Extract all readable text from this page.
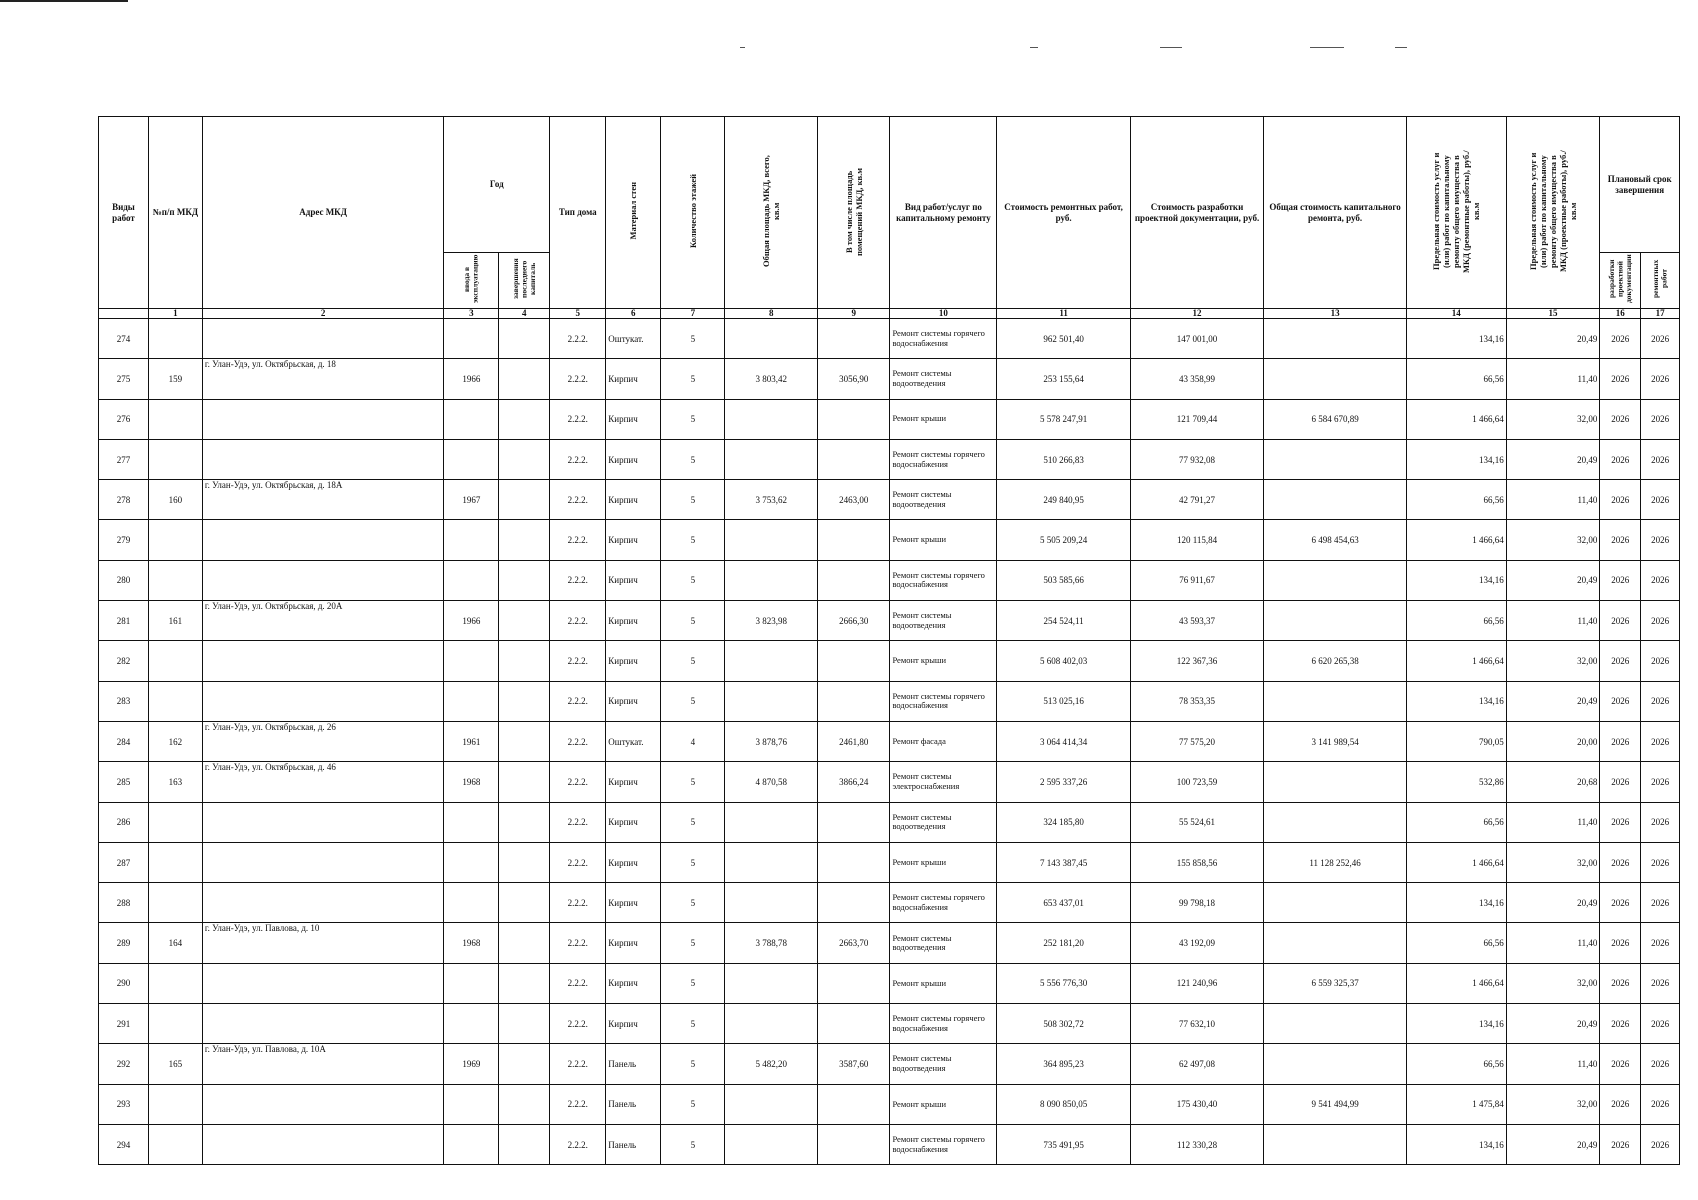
Виды работ	№п/п МКД	Адрес МКД	Год		Тип дома	Материал стен	Количество этажей	Общая площадь МКД, всего, кв.м	В том числе площадь помещений МКД, кв.м	Вид работ/услуг по капитальному ремонту	Стоимость ремонтных работ, руб.	Стоимость разработки проектной документации, руб.	Общая стоимость капитального ремонта, руб.	Предельная стоимость услуг и (или) работ по капитальному ремонту общего имущества в МКД (ремонтные работы), руб./кв.м	Предельная стоимость услуг и (или) работ по капитальному ремонту общего имущества в МКД (проектные работы), руб./кв.м	Плановый срок завершения	
			ввода в эксплуатацию	завершения последнего капиталь												разработки проектной документации	ремонтных работ
	1	2	3	4	5	6	7	8	9	10	11	12	13	14	15	16	17
274					2.2.2.	Оштукат.	5			Ремонт системы горячего водоснабжения	962 501,40	147 001,00		134,16	20,49	2026	2026
275	159	г. Улан-Удэ, ул. Октябрьская, д. 18	1966		2.2.2.	Кирпич	5	3 803,42	3056,90	Ремонт системы водоотведения	253 155,64	43 358,99		66,56	11,40	2026	2026
276					2.2.2.	Кирпич	5			Ремонт крыши	5 578 247,91	121 709,44	6 584 670,89	1 466,64	32,00	2026	2026
277					2.2.2.	Кирпич	5			Ремонт системы горячего водоснабжения	510 266,83	77 932,08		134,16	20,49	2026	2026
278	160	г. Улан-Удэ, ул. Октябрьская, д. 18А	1967		2.2.2.	Кирпич	5	3 753,62	2463,00	Ремонт системы водоотведения	249 840,95	42 791,27		66,56	11,40	2026	2026
279					2.2.2.	Кирпич	5			Ремонт крыши	5 505 209,24	120 115,84	6 498 454,63	1 466,64	32,00	2026	2026
280					2.2.2.	Кирпич	5			Ремонт системы горячего водоснабжения	503 585,66	76 911,67		134,16	20,49	2026	2026
281	161	г. Улан-Удэ, ул. Октябрьская, д. 20А	1966		2.2.2.	Кирпич	5	3 823,98	2666,30	Ремонт системы водоотведения	254 524,11	43 593,37		66,56	11,40	2026	2026
282					2.2.2.	Кирпич	5			Ремонт крыши	5 608 402,03	122 367,36	6 620 265,38	1 466,64	32,00	2026	2026
283					2.2.2.	Кирпич	5			Ремонт системы горячего водоснабжения	513 025,16	78 353,35		134,16	20,49	2026	2026
284	162	г. Улан-Удэ, ул. Октябрьская, д. 26	1961		2.2.2.	Оштукат.	4	3 878,76	2461,80	Ремонт фасада	3 064 414,34	77 575,20	3 141 989,54	790,05	20,00	2026	2026
285	163	г. Улан-Удэ, ул. Октябрьская, д. 46	1968		2.2.2.	Кирпич	5	4 870,58	3866,24	Ремонт системы электроснабжения	2 595 337,26	100 723,59		532,86	20,68	2026	2026
286					2.2.2.	Кирпич	5			Ремонт системы водоотведения	324 185,80	55 524,61		66,56	11,40	2026	2026
287					2.2.2.	Кирпич	5			Ремонт крыши	7 143 387,45	155 858,56	11 128 252,46	1 466,64	32,00	2026	2026
288					2.2.2.	Кирпич	5			Ремонт системы горячего водоснабжения	653 437,01	99 798,18		134,16	20,49	2026	2026
289	164	г. Улан-Удэ, ул. Павлова, д. 10	1968		2.2.2.	Кирпич	5	3 788,78	2663,70	Ремонт системы водоотведения	252 181,20	43 192,09		66,56	11,40	2026	2026
290					2.2.2.	Кирпич	5			Ремонт крыши	5 556 776,30	121 240,96	6 559 325,37	1 466,64	32,00	2026	2026
291					2.2.2.	Кирпич	5			Ремонт системы горячего водоснабжения	508 302,72	77 632,10		134,16	20,49	2026	2026
292	165	г. Улан-Удэ, ул. Павлова, д. 10А	1969		2.2.2.	Панель	5	5 482,20	3587,60	Ремонт системы водоотведения	364 895,23	62 497,08		66,56	11,40	2026	2026
293					2.2.2.	Панель	5			Ремонт крыши	8 090 850,05	175 430,40	9 541 494,99	1 475,84	32,00	2026	2026
294					2.2.2.	Панель	5			Ремонт системы горячего водоснабжения	735 491,95	112 330,28		134,16	20,49	2026	2026
